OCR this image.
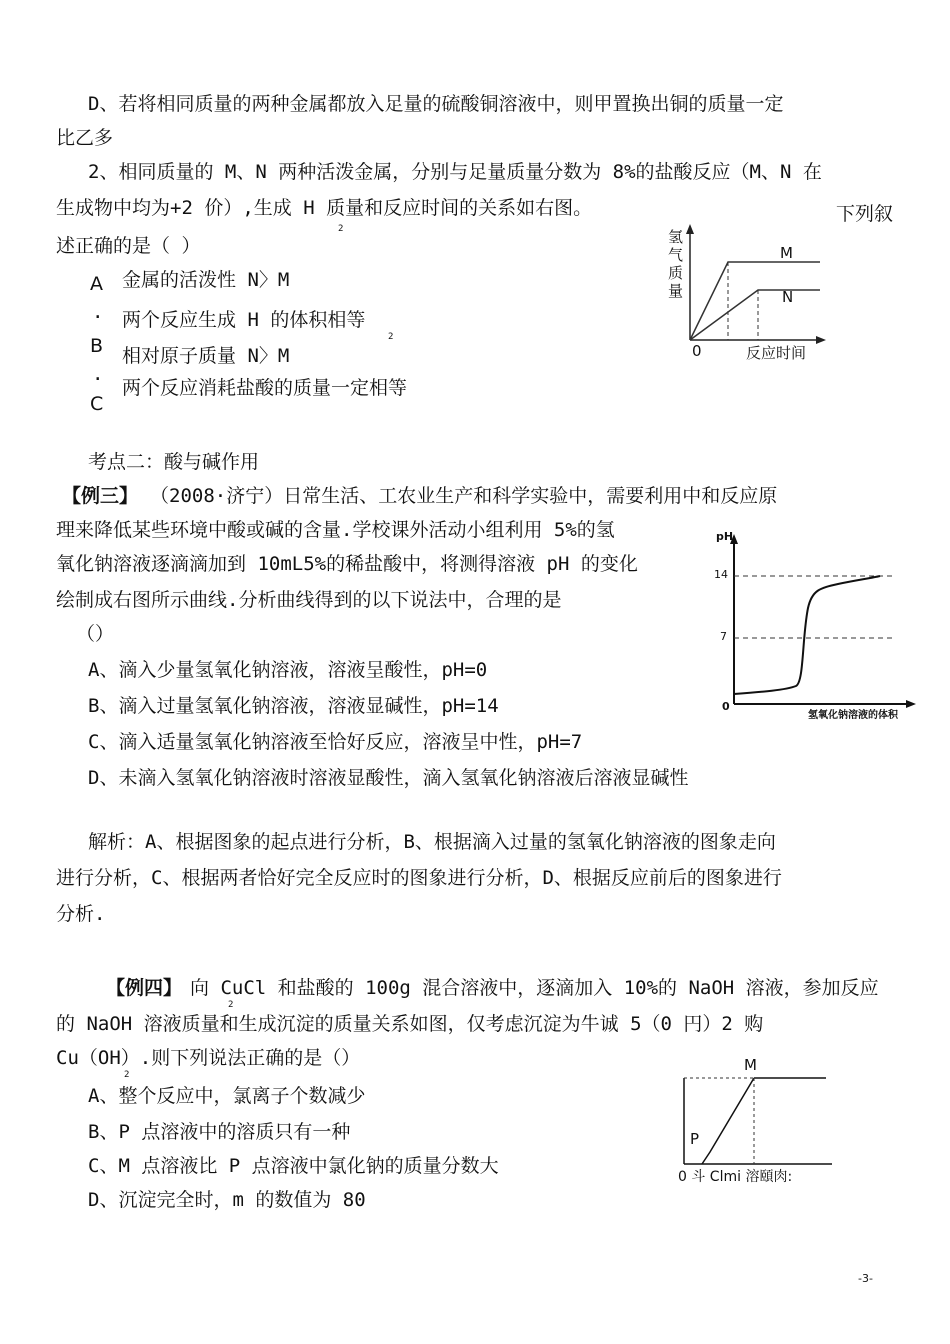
D、若将相同质量的两种金属都放入足量的硫酸铜溶液中，则甲置换出铜的质量一定
比乙多
2、相同质量的 M、N 两种活泼金属，分别与足量质量分数为 8%的盐酸反应（M、N 在
生成物中均为+2 价）,生成 H 质量和反应时间的关系如右图。	下列叙
2
述正确的是（ ）
A
.
B
.
C
金属的活泼性 N〉M
两个反应生成 H 的体积相等
相对原子质量 N〉M
2
两个反应消耗盐酸的质量一定相等
氢气质量
M
N
0	反应时间
考点二：酸与碱作用
【例三】 （2008·济宁）日常生活、工农业生产和科学实验中，需要利用中和反应原
理来降低某些环境中酸或碱的含量.学校课外活动小组利用 5%的氢
氧化钠溶液逐滴滴加到 10mL5%的稀盐酸中，将测得溶液 pH 的变化
绘制成右图所示曲线.分析曲线得到的以下说法中，合理的是
（）
A、滴入少量氢氧化钠溶液，溶液呈酸性，pH=0
B、滴入过量氢氧化钠溶液，溶液显碱性，pH=14
C、滴入适量氢氧化钠溶液至恰好反应，溶液呈中性，pH=7
D、未滴入氢氧化钠溶液时溶液显酸性，滴入氢氧化钠溶液后溶液显碱性
pH
14
7
0
氢氧化钠溶液的体积
解析：A、根据图象的起点进行分析，B、根据滴入过量的氢氧化钠溶液的图象走向
进行分析，C、根据两者恰好完全反应时的图象进行分析，D、根据反应前后的图象进行
分析.
【例四】 向 CuCl 和盐酸的 100g 混合溶液中，逐滴加入 10%的 NaOH 溶液，参加反应
2
的 NaOH 溶液质量和生成沉淀的质量关系如图，仅考虑沉淀为牛诚 5（0 円）2 购
Cu（OH）.则下列说法正确的是（）
2
A、整个反应中，氯离子个数减少
B、P 点溶液中的溶质只有一种
C、M 点溶液比 P 点溶液中氯化钠的质量分数大
D、沉淀完全时，m 的数值为 80
M
P
0 斗 Clmi 溶頤肉:
-3-
